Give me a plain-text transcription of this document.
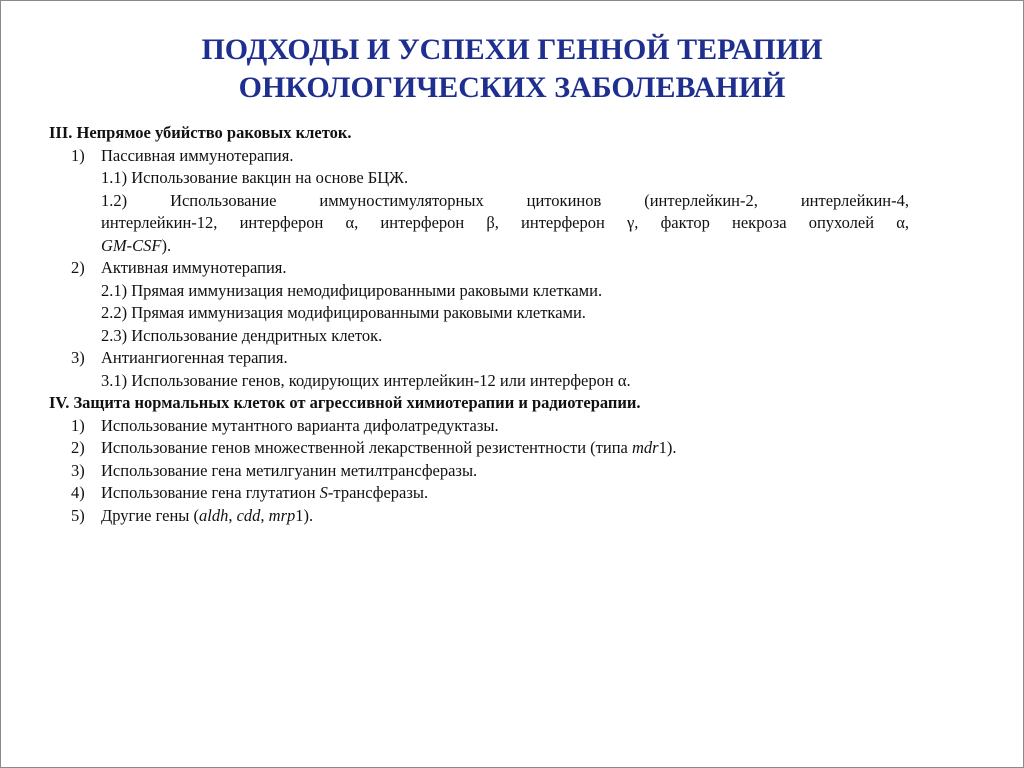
ПОДХОДЫ И УСПЕХИ ГЕННОЙ ТЕРАПИИ
ОНКОЛОГИЧЕСКИХ ЗАБОЛЕВАНИЙ
III. Непрямое убийство раковых клеток.
1) Пассивная иммунотерапия.
1.1) Использование вакцин на основе БЦЖ.
1.2) Использование иммуностимуляторных цитокинов (интерлейкин-2, интерлейкин-4,
интерлейкин-12, интерферон α, интерферон β, интерферон γ, фактор некроза опухолей α,
GM-CSF).
2) Активная иммунотерапия.
2.1) Прямая иммунизация немодифицированными раковыми клетками.
2.2) Прямая иммунизация модифицированными раковыми клетками.
2.3) Использование дендритных клеток.
3) Антиангиогенная терапия.
3.1) Использование генов, кодирующих интерлейкин-12 или интерферон α.
IV. Защита нормальных клеток от агрессивной химиотерапии и радиотерапии.
1) Использование мутантного варианта дифолатредуктазы.
2) Использование генов множественной лекарственной резистентности (типа mdr1).
3) Использование гена метилгуанин метилтрансферазы.
4) Использование гена глутатион S-трансферазы.
5) Другие гены (aldh, cdd, mrp1).
